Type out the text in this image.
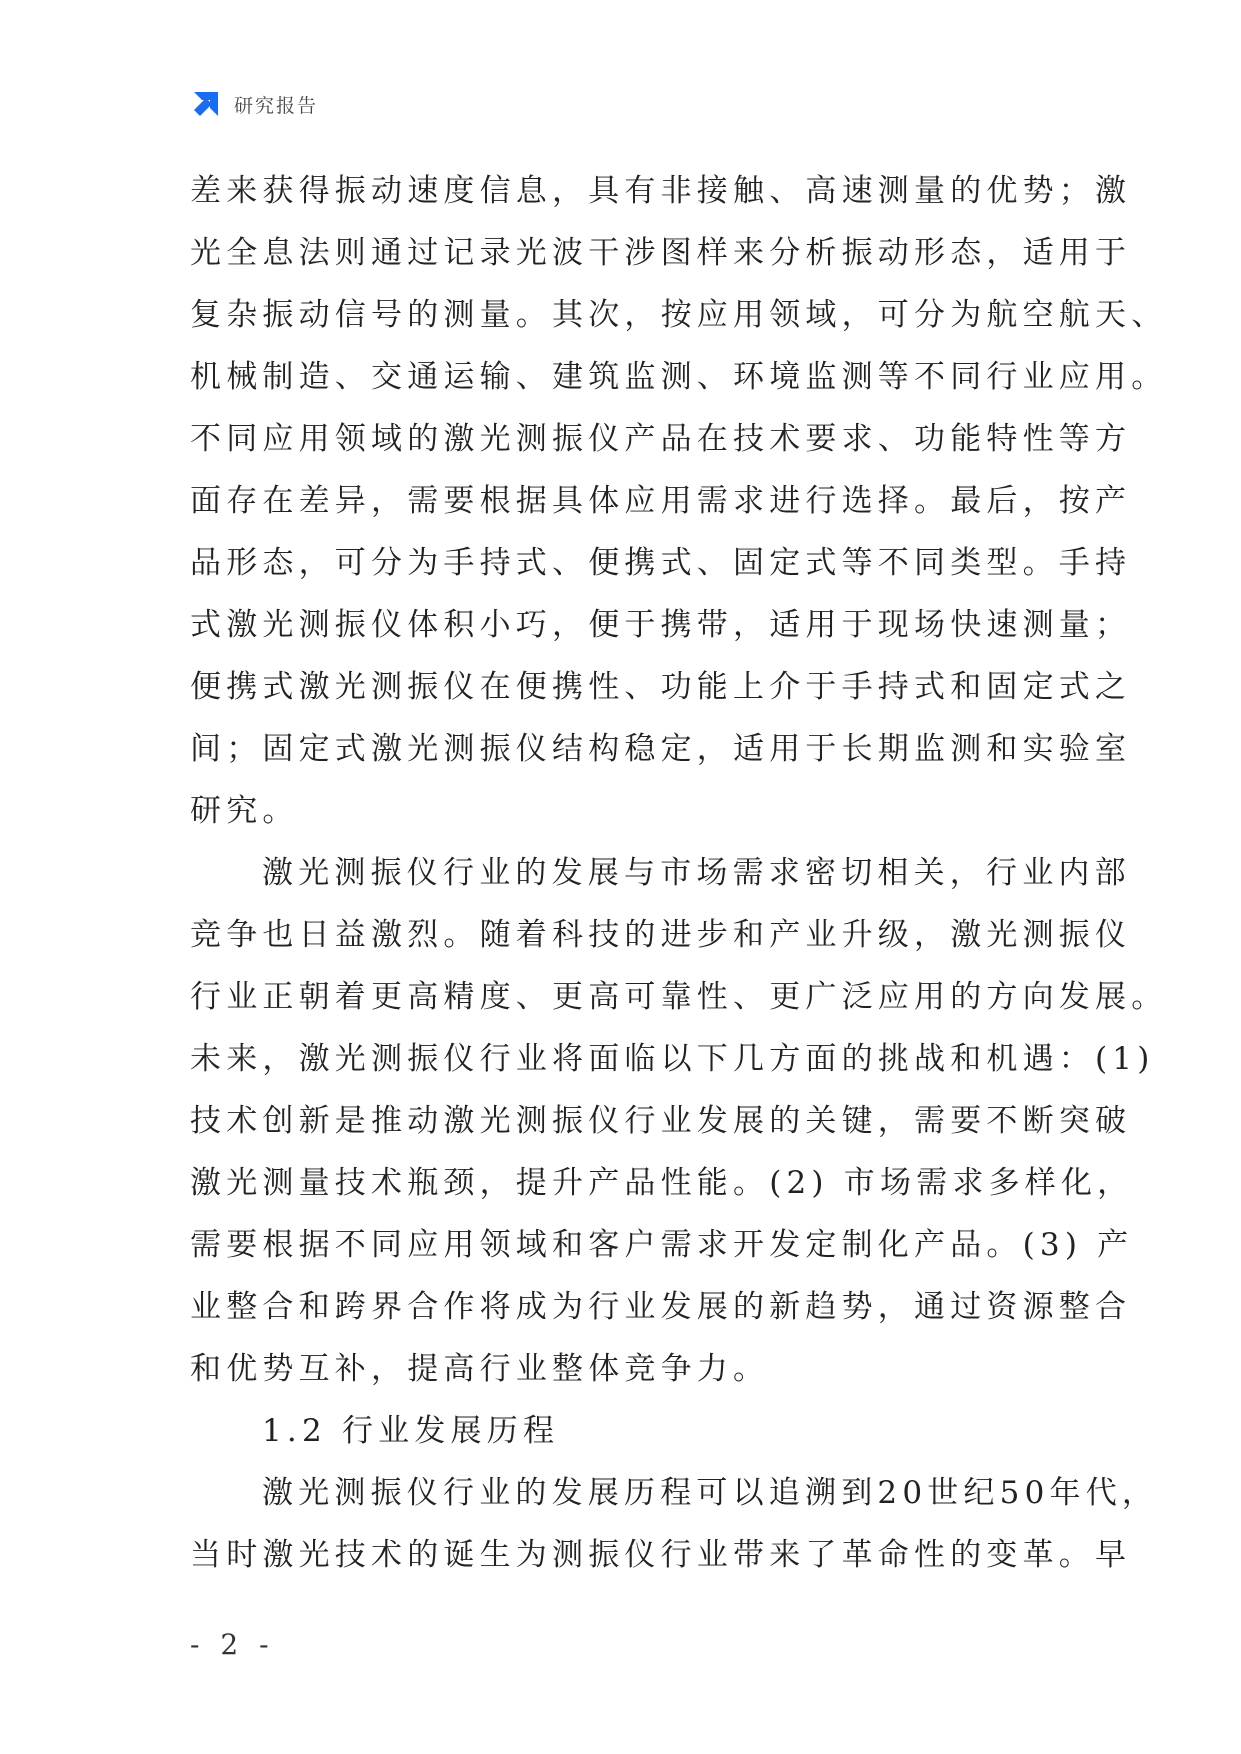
研究报告
差来获得振动速度信息，具有非接触、高速测量的优势；激
光全息法则通过记录光波干涉图样来分析振动形态，适用于
复杂振动信号的测量。其次，按应用领域，可分为航空航天、
机械制造、交通运输、建筑监测、环境监测等不同行业应用。
不同应用领域的激光测振仪产品在技术要求、功能特性等方
面存在差异，需要根据具体应用需求进行选择。最后，按产
品形态，可分为手持式、便携式、固定式等不同类型。手持
式激光测振仪体积小巧，便于携带，适用于现场快速测量；
便携式激光测振仪在便携性、功能上介于手持式和固定式之
间；固定式激光测振仪结构稳定，适用于长期监测和实验室
研究。
激光测振仪行业的发展与市场需求密切相关，行业内部
竞争也日益激烈。随着科技的进步和产业升级，激光测振仪
行业正朝着更高精度、更高可靠性、更广泛应用的方向发展。
未来，激光测振仪行业将面临以下几方面的挑战和机遇：(1)
技术创新是推动激光测振仪行业发展的关键，需要不断突破
激光测量技术瓶颈，提升产品性能。(2) 市场需求多样化，
需要根据不同应用领域和客户需求开发定制化产品。(3) 产
业整合和跨界合作将成为行业发展的新趋势，通过资源整合
和优势互补，提高行业整体竞争力。
1.2 行业发展历程
激光测振仪行业的发展历程可以追溯到20世纪50年代，
当时激光技术的诞生为测振仪行业带来了革命性的变革。早
- 2 -
